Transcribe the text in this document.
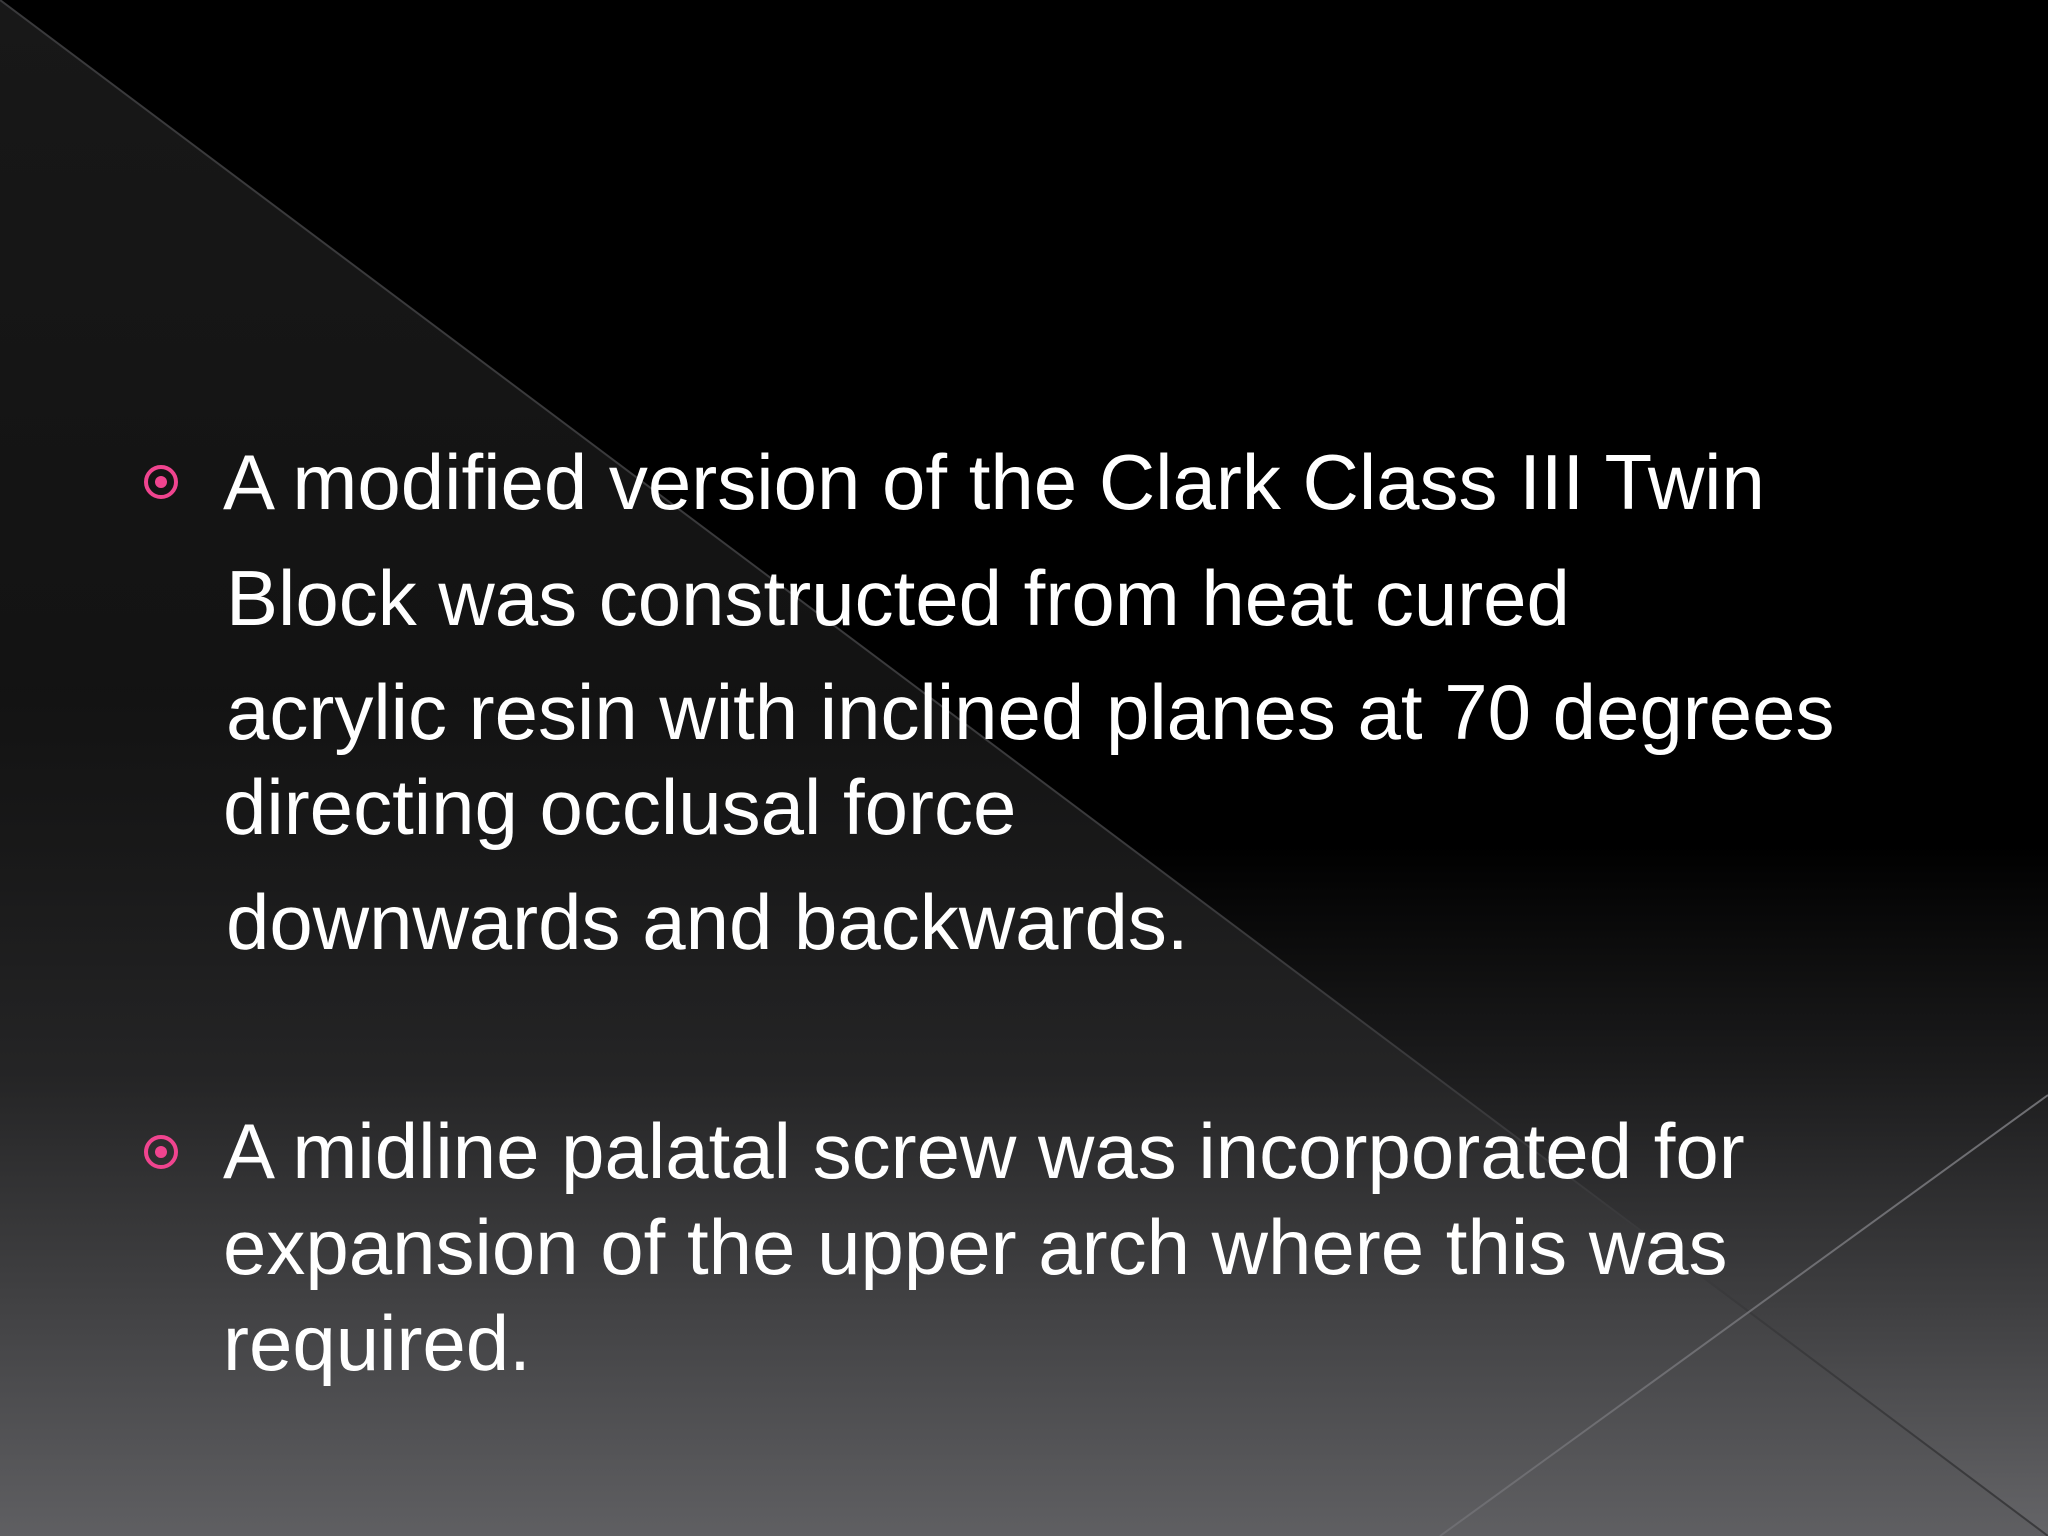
A modified version of the Clark Class III Twin
Block was constructed from heat cured
acrylic resin with inclined planes at 70 degrees
directing occlusal force
downwards and backwards.
A midline palatal screw was incorporated for
expansion of the upper arch where this was
required.
